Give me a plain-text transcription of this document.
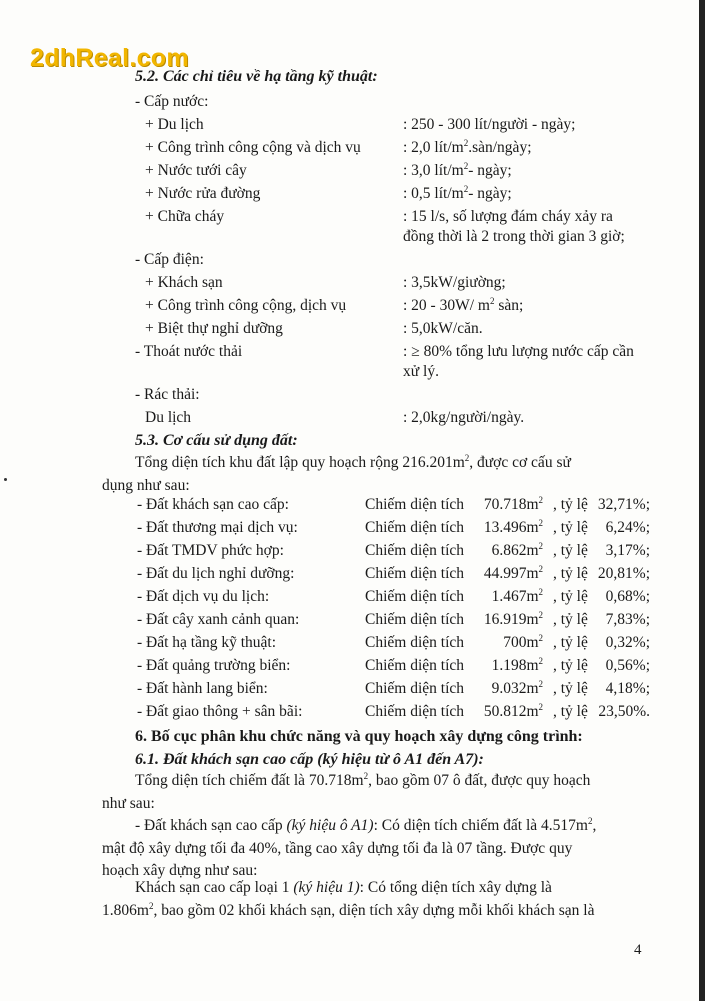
2dhReal.com
5.2. Các chỉ tiêu về hạ tầng kỹ thuật:
- Cấp nước:
+ Du lịch	: 250 - 300 lít/người - ngày;
+ Công trình công cộng và dịch vụ	: 2,0 lít/$m^2.sàn$/ngày;
+ Nước tưới cây	: 3,0 lít/$m^2-$ ngày;
+ Nước rửa đường	: 0,5 lít/$m^2-$ ngày;
+ Chữa cháy	: 15 l/s, số lượng đám cháy xảy ra
đồng thời là 2 trong thời gian 3 giờ;
- Cấp điện:
+ Khách sạn	: 3,5kW/giường;
+ Công trình công cộng, dịch vụ	: 20 - 30W/ $m^2$ sàn;
+ Biệt thự nghỉ dưỡng	: 5,0kW/căn.
- Thoát nước thải	: ≥ 80% tổng lưu lượng nước cấp cần
xử lý.
- Rác thải:
Du lịch	: 2,0kg/người/ngày.
5.3. Cơ cấu sử dụng đất:
Tổng diện tích khu đất lập quy hoạch rộng $216.201m^2$, được cơ cấu sử
dụng như sau:
- Đất khách sạn cao cấp:	Chiếm diện tích $70.718m^2$ , tỷ lệ 32,71%;
- Đất thương mại dịch vụ:	Chiếm diện tích $13.496m^2$ , tỷ lệ 6,24%;
- Đất TMDV phức hợp:	Chiếm diện tích $6.862m^2$ , tỷ lệ 3,17%;
- Đất du lịch nghỉ dưỡng:	Chiếm diện tích $44.997m^2$ , tỷ lệ 20,81%;
- Đất dịch vụ du lịch:	Chiếm diện tích $1.467m^2$ , tỷ lệ 0,68%;
- Đất cây xanh cảnh quan:	Chiếm diện tích $16.919m^2$ , tỷ lệ 7,83%;
- Đất hạ tầng kỹ thuật:	Chiếm diện tích	$700m^2$ , tỷ lệ 0,32%;
- Đất quảng trường biển:	Chiếm diện tích $1.198m^2$ , tỷ lệ 0,56%;
- Đất hành lang biển:	Chiếm diện tích $9.032m^2$ , tỷ lệ 4,18%;
- Đất giao thông + sân bãi:	Chiếm diện tích $50.812m^2$ , tỷ lệ 23,50%.
6. Bố cục phân khu chức năng và quy hoạch xây dựng công trình:
6.1. Đất khách sạn cao cấp (ký hiệu từ ô A1 đến A7):
Tổng diện tích chiếm đất là $70.718m^2$, bao gồm 07 ô đất, được quy hoạch
như sau:
- Đất khách sạn cao cấp (ký hiệu ô A1): Có diện tích chiếm đất là $4.517m^2$,
mật độ xây dựng tối đa 40%, tầng cao xây dựng tối đa là 07 tầng. Được quy
hoạch xây dựng như sau:
Khách sạn cao cấp loại 1 (ký hiệu 1): Có tổng diện tích xây dựng là
$1.806m^2$, bao gồm 02 khối khách sạn, diện tích xây dựng mỗi khối khách sạn là
4
